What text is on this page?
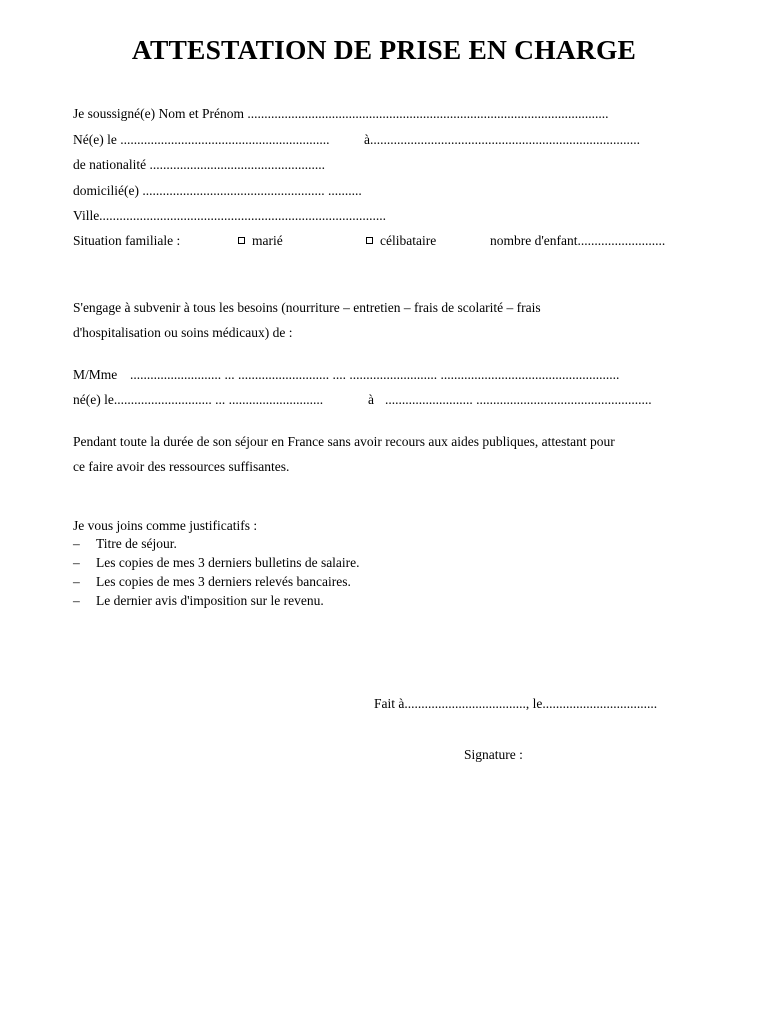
ATTESTATION DE PRISE EN CHARGE
Je soussigné(e) Nom et Prénom ...........................................................................................................
Né(e) le ..............................................................	à................................................................................
de nationalité ....................................................
domicilié(e) ...................................................... ..........
Ville.....................................................................................
Situation familiale :	marié	célibataire	nombre d'enfant..........................
S'engage à subvenir à tous les besoins (nourriture – entretien – frais de scolarité – frais
d'hospitalisation ou soins médicaux) de :
M/Mme ........................... ... ........................... .... .......................... .....................................................
né(e) le............................. ... ............................	à .......................... ....................................................
Pendant toute la durée de son séjour en France sans avoir recours aux aides publiques, attestant pour
ce faire avoir des ressources suffisantes.
Je vous joins comme justificatifs :
– Titre de séjour.
– Les copies de mes 3 derniers bulletins de salaire.
– Les copies de mes 3 derniers relevés bancaires.
– Le dernier avis d'imposition sur le revenu.
Fait à...................................., le..................................
Signature :
